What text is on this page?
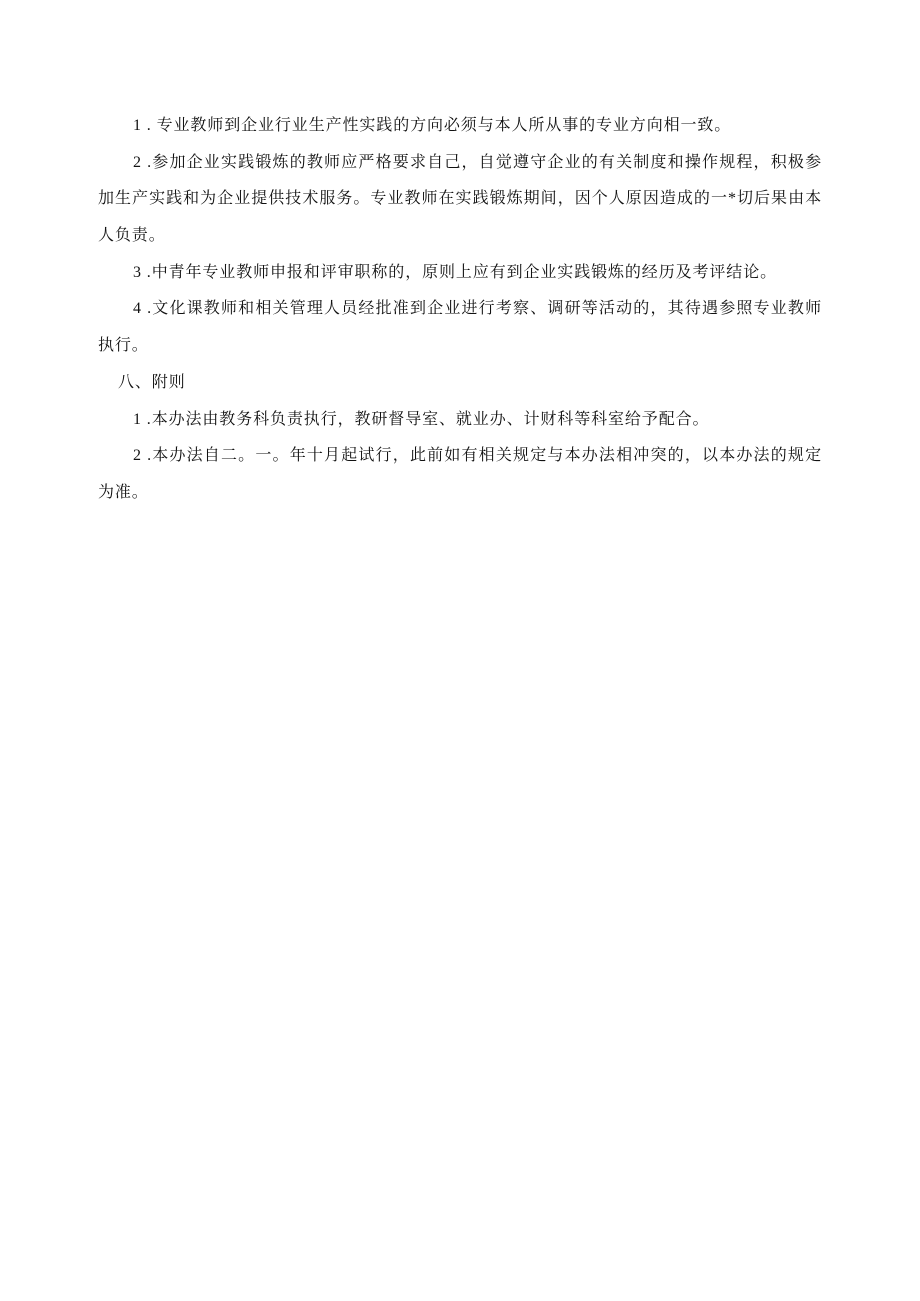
1 . 专业教师到企业行业生产性实践的方向必须与本人所从事的专业方向相一致。
2 .参加企业实践锻炼的教师应严格要求自己，自觉遵守企业的有关制度和操作规程，积极参
加生产实践和为企业提供技术服务。专业教师在实践锻炼期间，因个人原因造成的一*切后果由本
人负责。
3 .中青年专业教师申报和评审职称的，原则上应有到企业实践锻炼的经历及考评结论。
4 .文化课教师和相关管理人员经批准到企业进行考察、调研等活动的，其待遇参照专业教师
执行。
八、附则
1 .本办法由教务科负责执行，教研督导室、就业办、计财科等科室给予配合。
2 .本办法自二。一。年十月起试行，此前如有相关规定与本办法相冲突的，以本办法的规定
为准。
